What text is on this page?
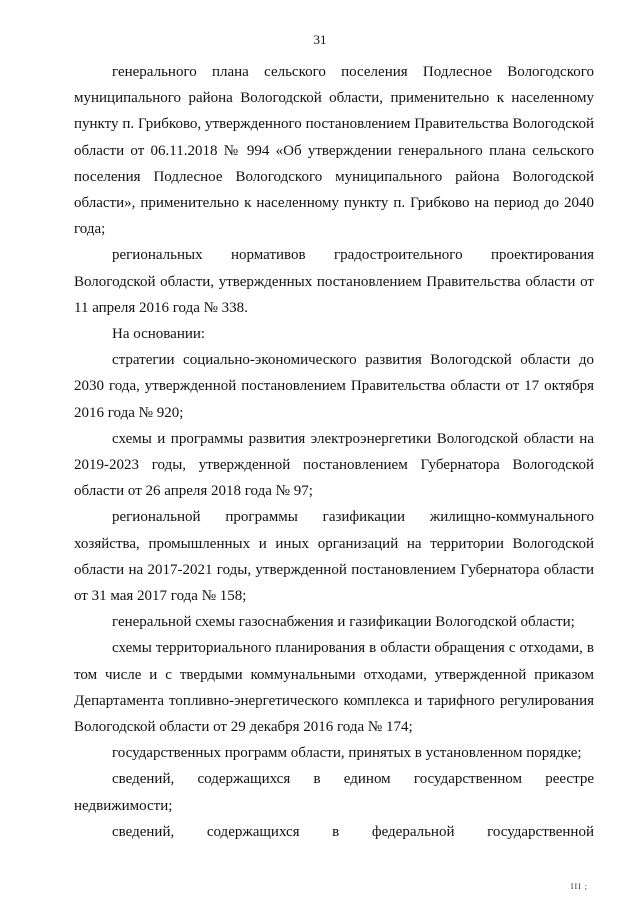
31

генерального плана сельского поселения Подлесное Вологодского муниципального района Вологодской области, применительно к населенному пункту п. Грибково, утвержденного постановлением Правительства Вологодской области от 06.11.2018 № 994 «Об утверждении генерального плана сельского поселения Подлесное Вологодского муниципального района Вологодской области», применительно к населенному пункту п. Грибково на период до 2040 года;

региональных нормативов градостроительного проектирования Вологодской области, утвержденных постановлением Правительства области от 11 апреля 2016 года № 338.

На основании:

стратегии социально-экономического развития Вологодской области до 2030 года, утвержденной постановлением Правительства области от 17 октября 2016 года № 920;

схемы и программы развития электроэнергетики Вологодской области на 2019-2023 годы, утвержденной постановлением Губернатора Вологодской области от 26 апреля 2018 года № 97;

региональной программы газификации жилищно-коммунального хозяйства, промышленных и иных организаций на территории Вологодской области на 2017-2021 годы, утвержденной постановлением Губернатора области от 31 мая 2017 года № 158;

генеральной схемы газоснабжения и газификации Вологодской области;

схемы территориального планирования в области обращения с отходами, в том числе и с твердыми коммунальными отходами, утвержденной приказом Департамента топливно-энергетического комплекса и тарифного регулирования Вологодской области от 29 декабря 2016 года № 174;

государственных программ области, принятых в установленном порядке;

сведений, содержащихся в едином государственном реестре недвижимости;

сведений, содержащихся в федеральной государственной

III ;
